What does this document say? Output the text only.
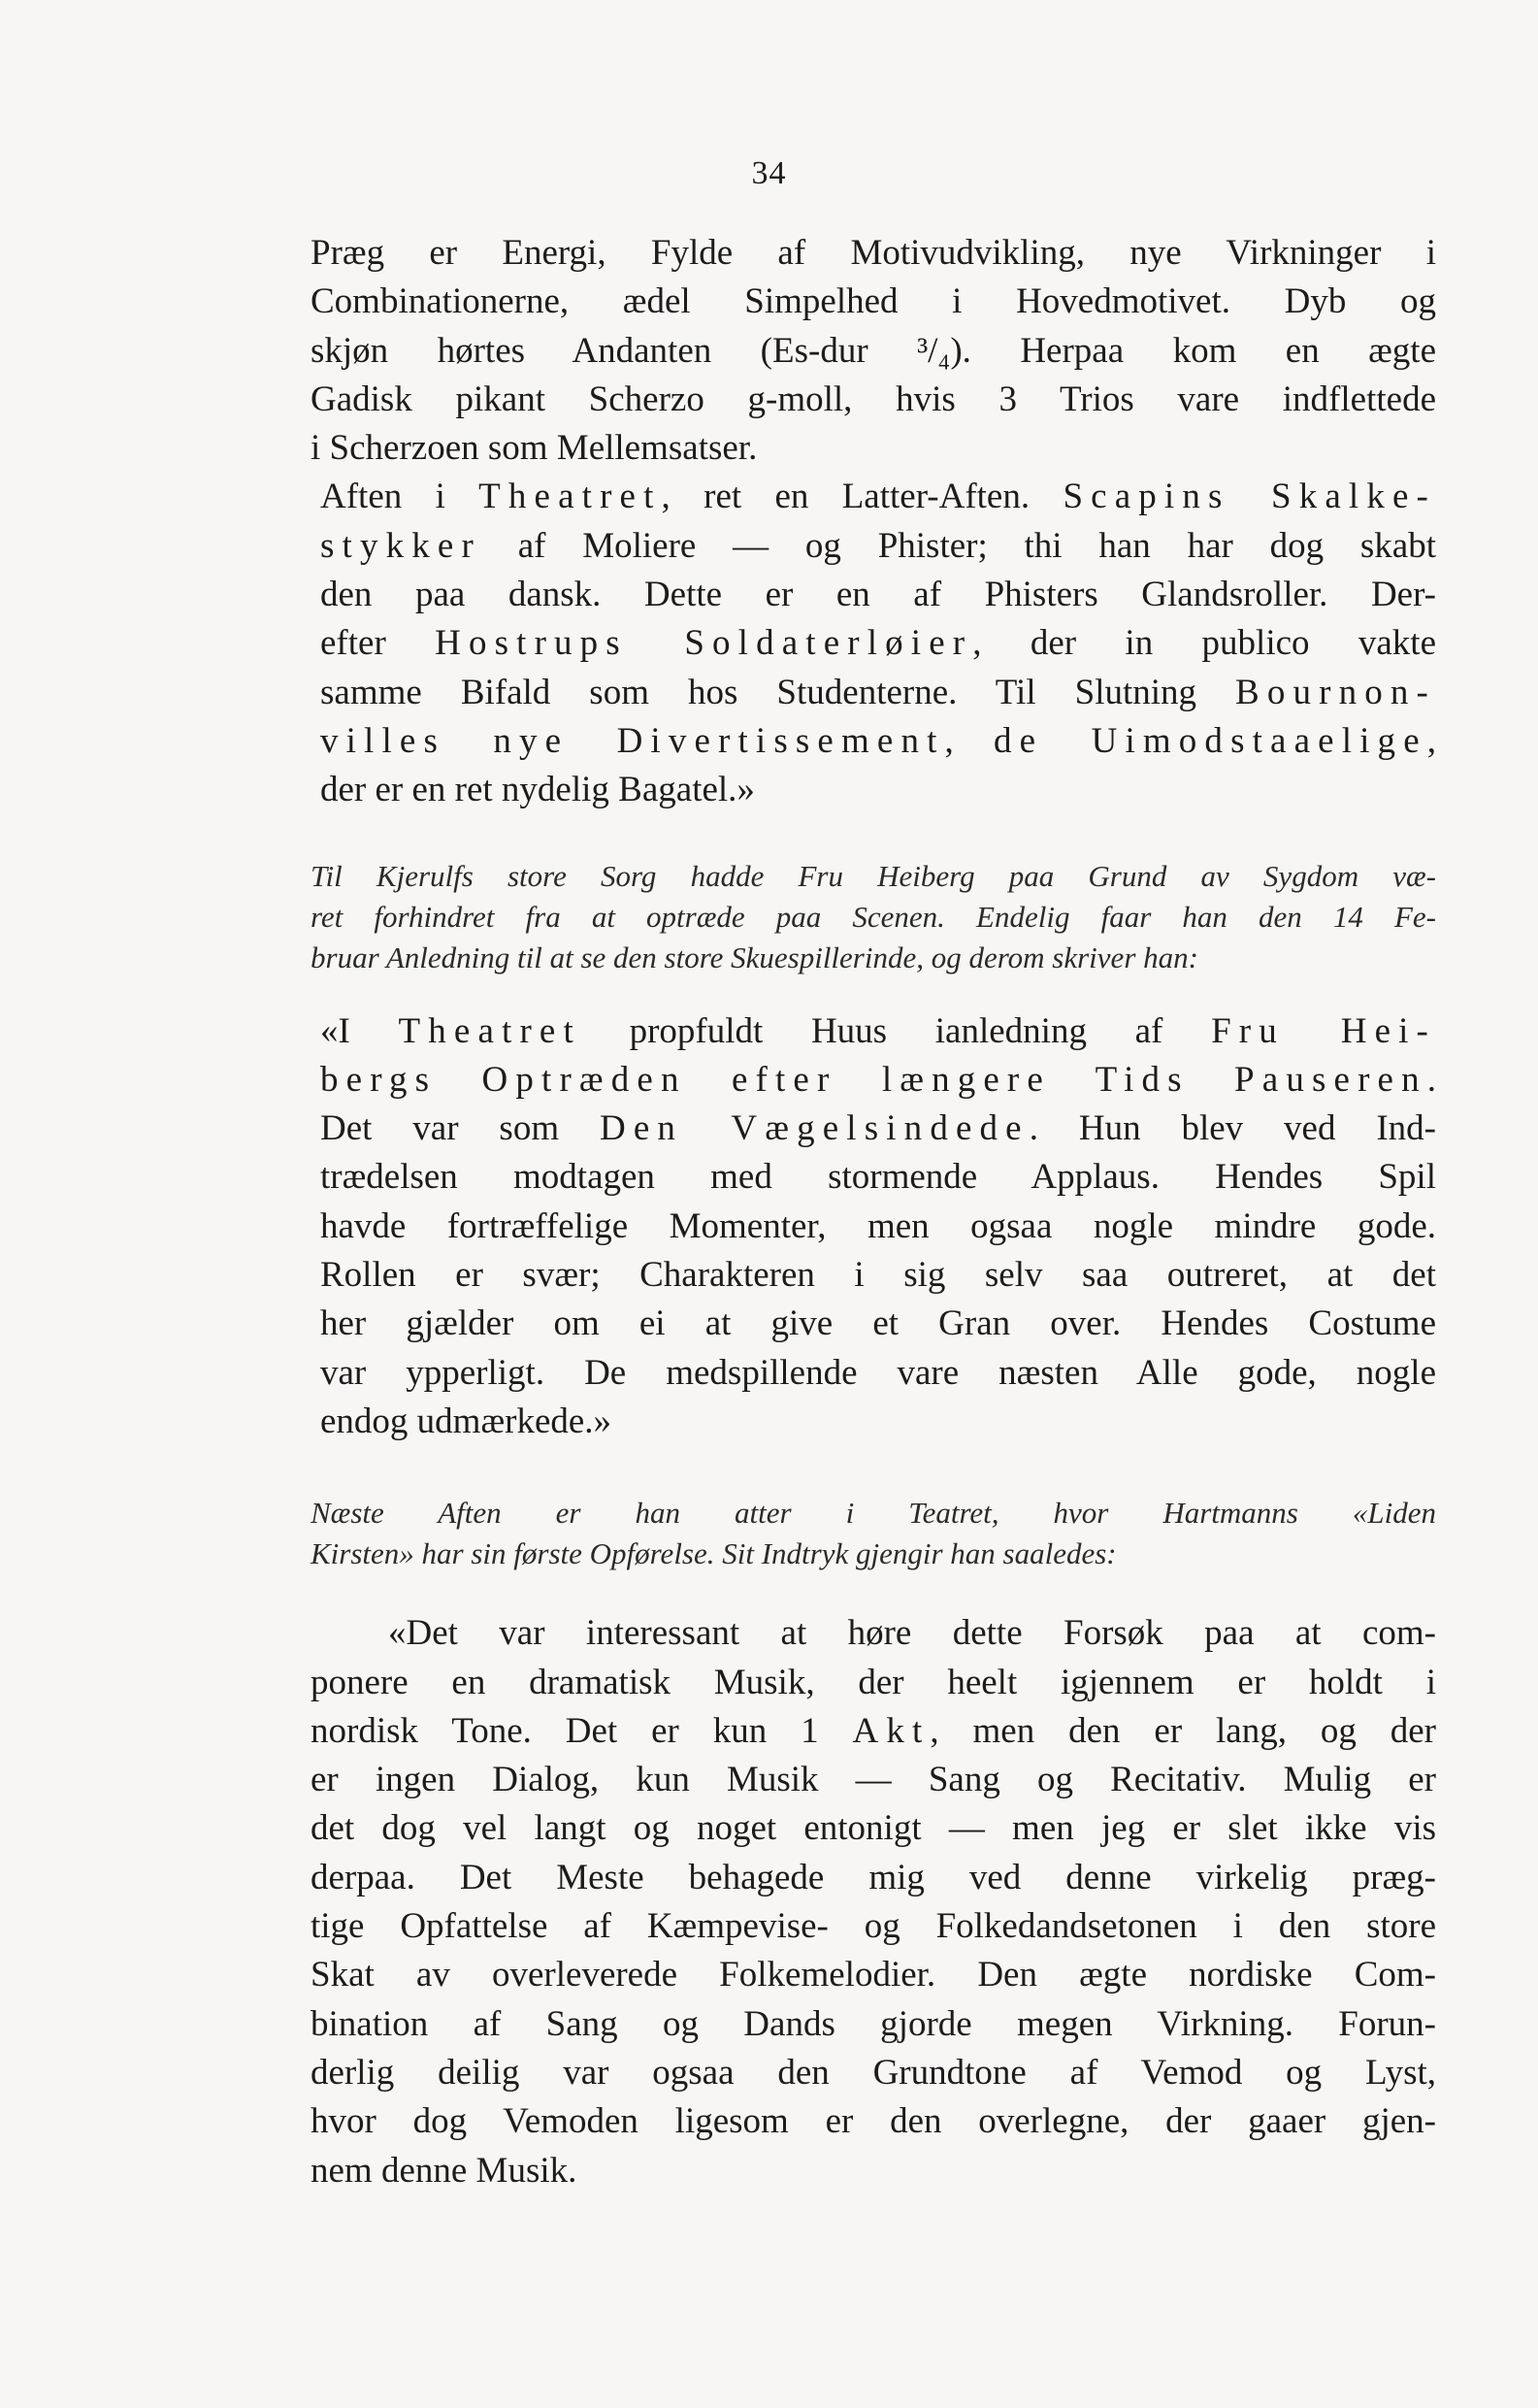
34
Præg er Energi, Fylde af Motivudvikling, nye Virkninger i
Combinationerne, ædel Simpelhed i Hovedmotivet. Dyb og
skjøn hørtes Andanten (Es-dur ³/₄). Herpaa kom en ægte
Gadisk pikant Scherzo g-moll, hvis 3 Trios vare indflettede
i Scherzoen som Mellemsatser.
Aften i Theatret, ret en Latter-Aften. Scapins Skalke-
stykker af Moliere — og Phister; thi han har dog skabt
den paa dansk. Dette er en af Phisters Glandsroller. Der-
efter Hostrups Soldaterløier, der in publico vakte
samme Bifald som hos Studenterne. Til Slutning Bournon-
villes nye Divertissement, de Uimodstaaelige,
der er en ret nydelig Bagatel.»
Til Kjerulfs store Sorg hadde Fru Heiberg paa Grund av Sygdom væ-
ret forhindret fra at optræde paa Scenen. Endelig faar han den 14 Fe-
bruar Anledning til at se den store Skuespillerinde, og derom skriver han:
«I Theatret propfuldt Huus ianledning af Fru Hei-
bergs Optræden efter længere Tids Pauseren.
Det var som Den Vægelsindede. Hun blev ved Ind-
trædelsen modtagen med stormende Applaus. Hendes Spil
havde fortræffelige Momenter, men ogsaa nogle mindre gode.
Rollen er svær; Charakteren i sig selv saa outreret, at det
her gjælder om ei at give et Gran over. Hendes Costume
var ypperligt. De medspillende vare næsten Alle gode, nogle
endog udmærkede.»
Næste Aften er han atter i Teatret, hvor Hartmanns «Liden
Kirsten» har sin første Opførelse. Sit Indtryk gjengir han saaledes:
«Det var interessant at høre dette Forsøk paa at com-
ponere en dramatisk Musik, der heelt igjennem er holdt i
nordisk Tone. Det er kun 1 Akt, men den er lang, og der
er ingen Dialog, kun Musik — Sang og Recitativ. Mulig er
det dog vel langt og noget entonigt — men jeg er slet ikke vis
derpaa. Det Meste behagede mig ved denne virkelig præg-
tige Opfattelse af Kæmpevise- og Folkedandsetonen i den store
Skat av overleverede Folkemelodier. Den ægte nordiske Com-
bination af Sang og Dands gjorde megen Virkning. Forun-
derlig deilig var ogsaa den Grundtone af Vemod og Lyst,
hvor dog Vemoden ligesom er den overlegne, der gaaer gjen-
nem denne Musik.
